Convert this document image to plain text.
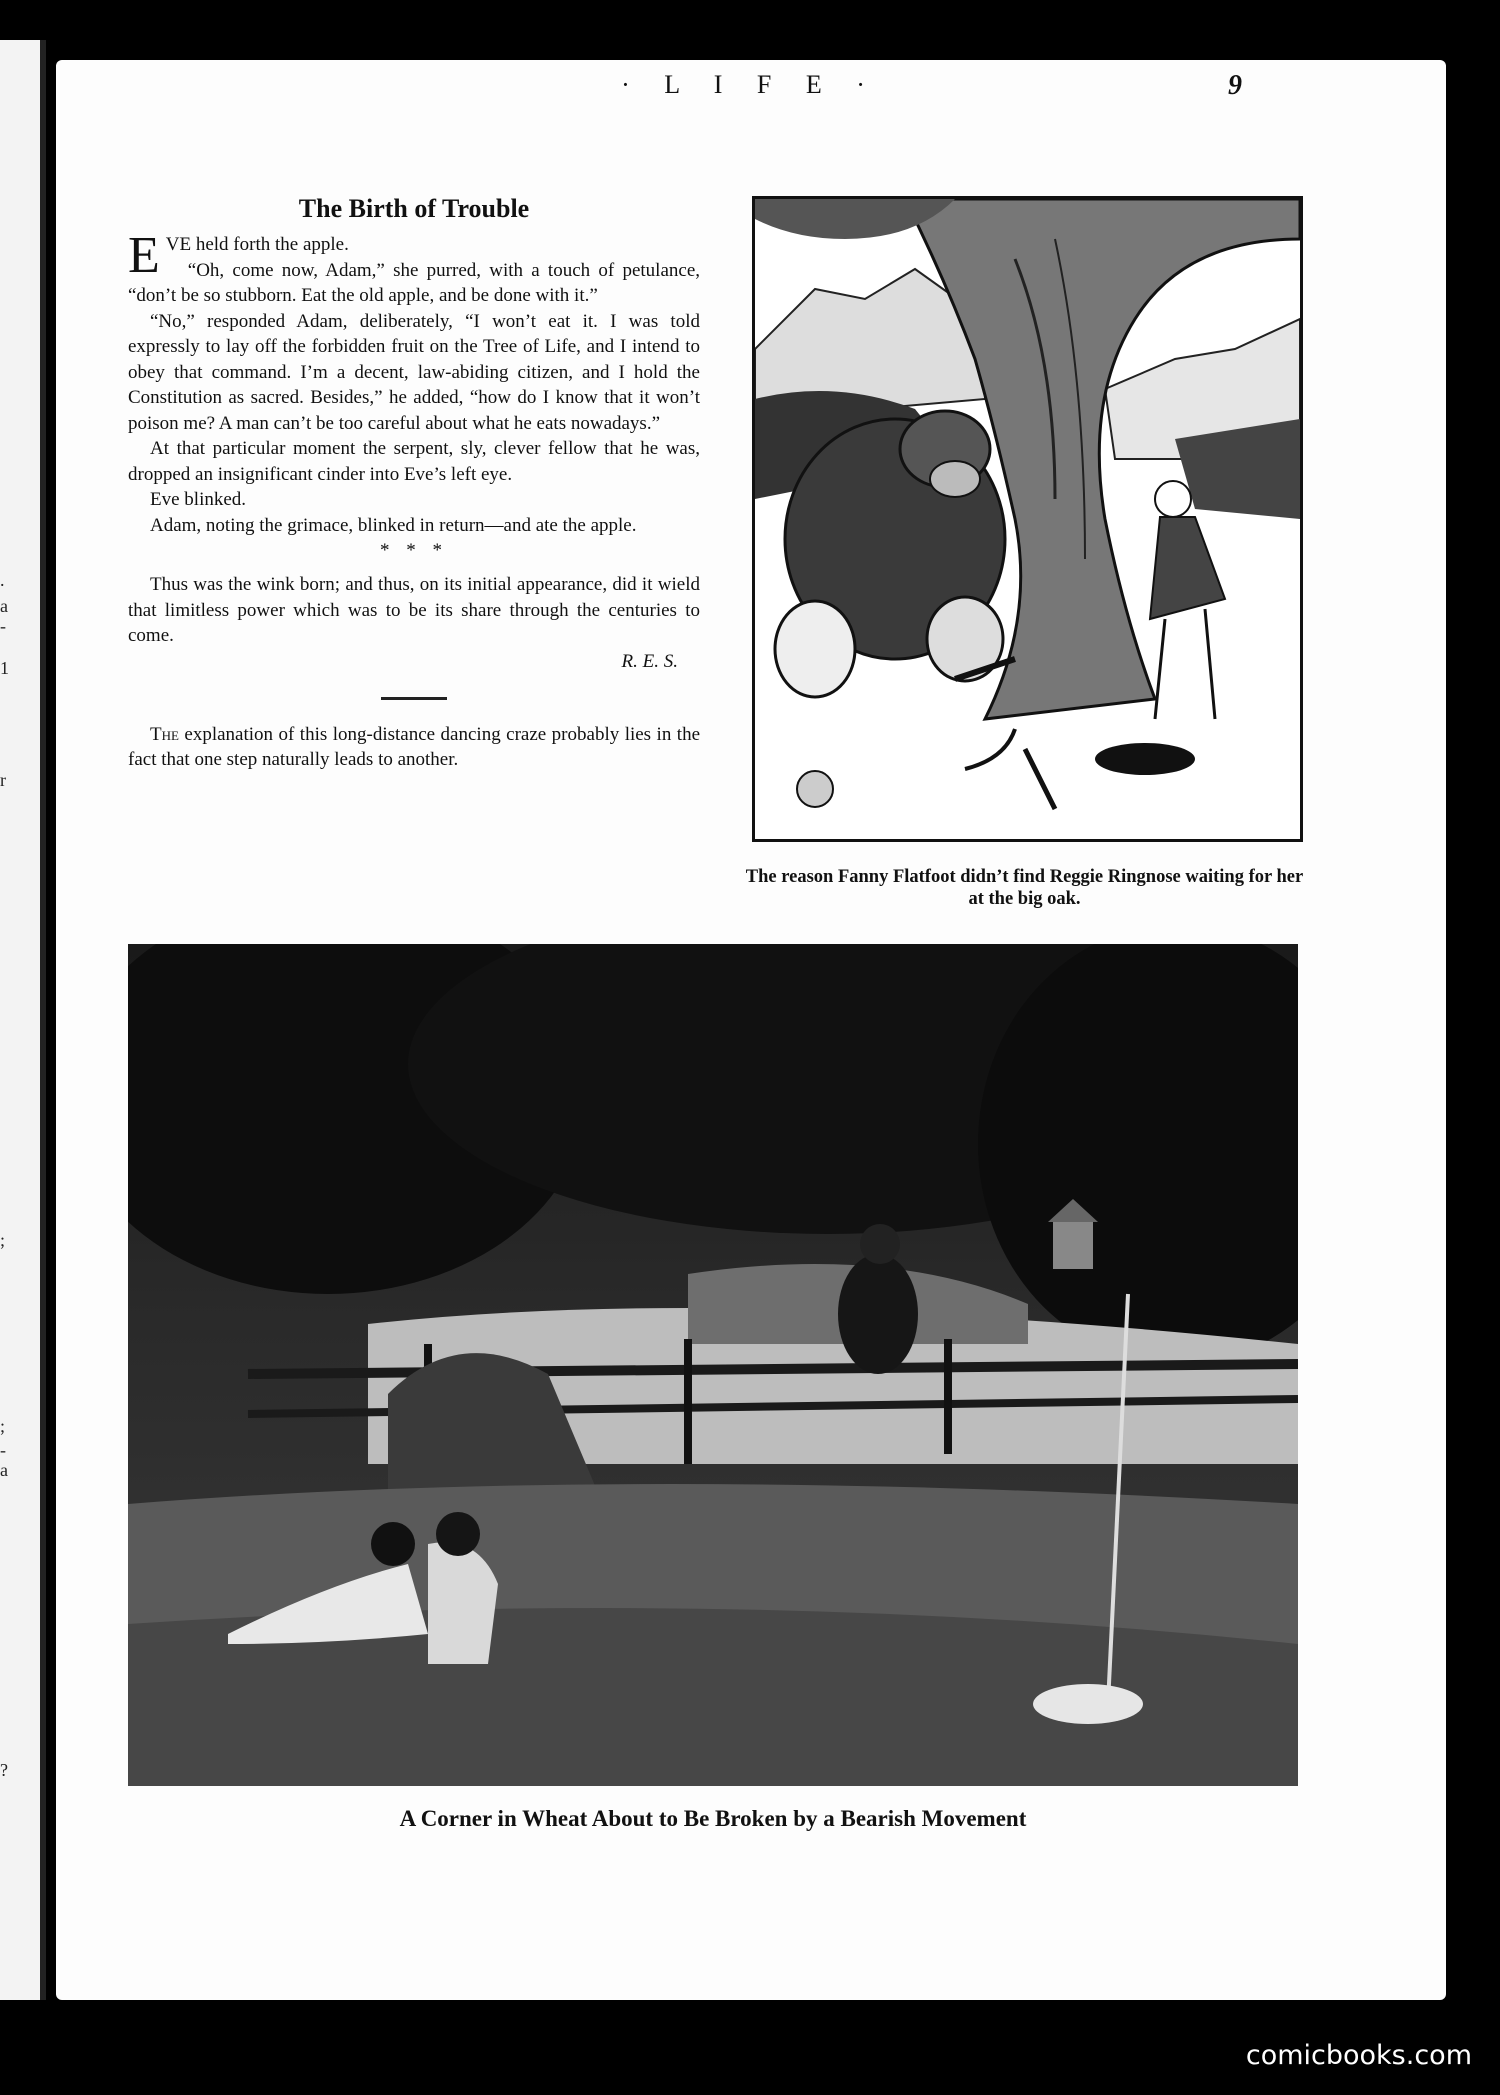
.
a
-
1
r
;
;
-
a
?
· L I F E ·	9
The Birth of Trouble

EVE held forth the apple.
“Oh, come now, Adam,” she purred, with a touch of petulance, “don’t be so stubborn. Eat the old apple, and be done with it.”

“No,” responded Adam, deliberately, “I won’t eat it. I was told expressly to lay off the forbidden fruit on the Tree of Life, and I intend to obey that command. I’m a decent, law-abiding citizen, and I hold the Constitution as sacred. Besides,” he added, “how do I know that it won’t poison me? A man can’t be too careful about what he eats nowadays.”

At that particular moment the serpent, sly, clever fellow that he was, dropped an insignificant cinder into Eve’s left eye.

Eve blinked.

Adam, noting the grimace, blinked in return—and ate the apple.

* * *

Thus was the wink born; and thus, on its initial appearance, did it wield that limitless power which was to be its share through the centuries to come.

R. E. S.

The explanation of this long-distance dancing craze probably lies in the fact that one step naturally leads to another.

The reason Fanny Flatfoot didn’t find Reggie Ringnose waiting for her at the big oak.
A Corner in Wheat About to Be Broken by a Bearish Movement
comicbooks.com
